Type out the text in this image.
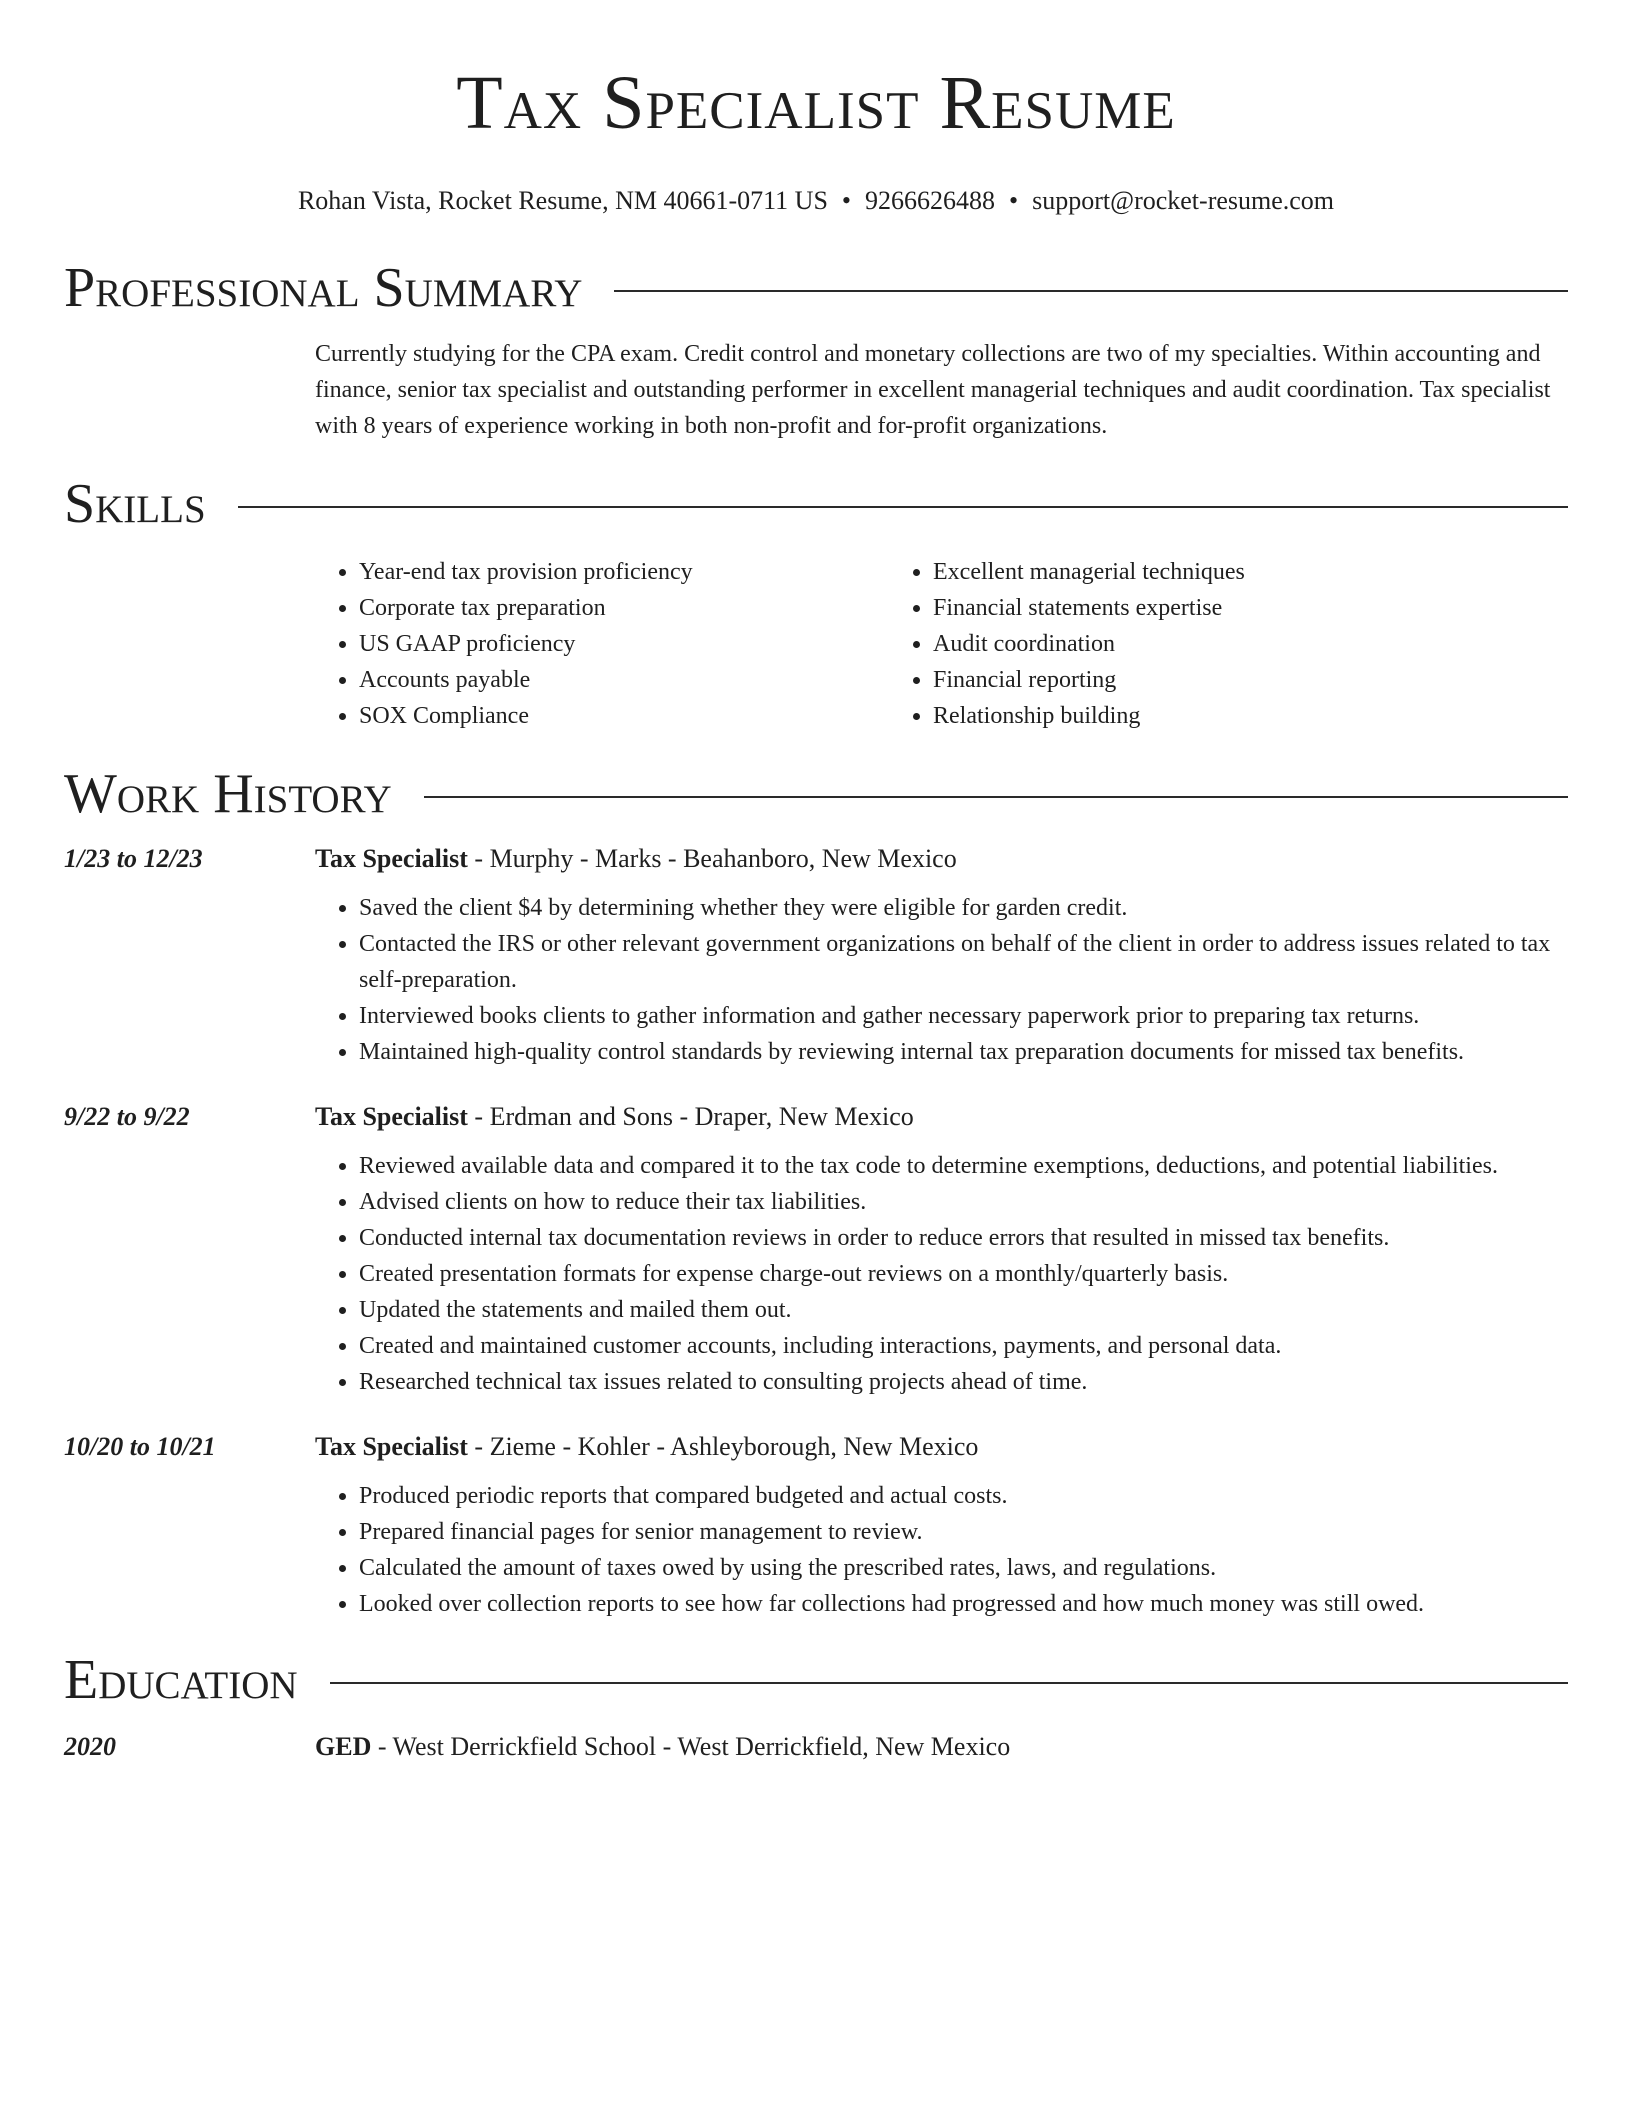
Tax Specialist Resume
Rohan Vista, Rocket Resume, NM 40661-0711 US • 9266626488 • support@rocket-resume.com
Professional Summary
Currently studying for the CPA exam. Credit control and monetary collections are two of my specialties. Within accounting and finance, senior tax specialist and outstanding performer in excellent managerial techniques and audit coordination. Tax specialist with 8 years of experience working in both non-profit and for-profit organizations.
Skills
• Year-end tax provision proficiency
• Corporate tax preparation
• US GAAP proficiency
• Accounts payable
• SOX Compliance
• Excellent managerial techniques
• Financial statements expertise
• Audit coordination
• Financial reporting
• Relationship building
Work History
1/23 to 12/23	Tax Specialist - Murphy - Marks - Beahanboro, New Mexico
• Saved the client $4 by determining whether they were eligible for garden credit.
• Contacted the IRS or other relevant government organizations on behalf of the client in order to address issues related to tax self-preparation.
• Interviewed books clients to gather information and gather necessary paperwork prior to preparing tax returns.
• Maintained high-quality control standards by reviewing internal tax preparation documents for missed tax benefits.
9/22 to 9/22	Tax Specialist - Erdman and Sons - Draper, New Mexico
• Reviewed available data and compared it to the tax code to determine exemptions, deductions, and potential liabilities.
• Advised clients on how to reduce their tax liabilities.
• Conducted internal tax documentation reviews in order to reduce errors that resulted in missed tax benefits.
• Created presentation formats for expense charge-out reviews on a monthly/quarterly basis.
• Updated the statements and mailed them out.
• Created and maintained customer accounts, including interactions, payments, and personal data.
• Researched technical tax issues related to consulting projects ahead of time.
10/20 to 10/21	Tax Specialist - Zieme - Kohler - Ashleyborough, New Mexico
• Produced periodic reports that compared budgeted and actual costs.
• Prepared financial pages for senior management to review.
• Calculated the amount of taxes owed by using the prescribed rates, laws, and regulations.
• Looked over collection reports to see how far collections had progressed and how much money was still owed.
Education
2020	GED - West Derrickfield School - West Derrickfield, New Mexico
